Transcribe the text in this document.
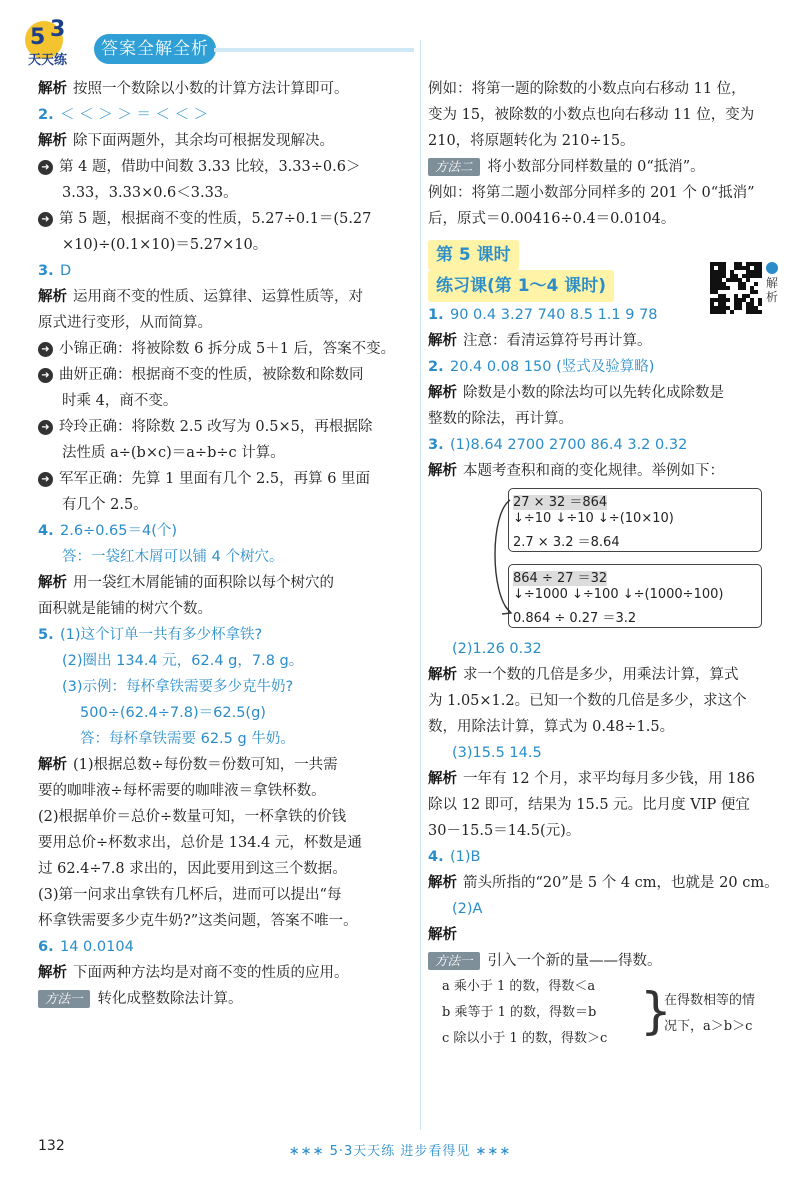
5 3
天天练
答案全解全析
解析 按照一个数除以小数的计算方法计算即可。
2. ＜ ＜ ＞ ＞ ＝ ＜ ＜ ＞
解析 除下面两题外，其余均可根据发现解决。
➜ 第 4 题，借助中间数 3.33 比较，3.33÷0.6＞
3.33，3.33×0.6＜3.33。
➜ 第 5 题，根据商不变的性质，5.27÷0.1＝(5.27
×10)÷(0.1×10)＝5.27×10。
3. D
解析 运用商不变的性质、运算律、运算性质等，对
原式进行变形，从而简算。
➜ 小锦正确：将被除数 6 拆分成 5＋1 后，答案不变。
➜ 曲妍正确：根据商不变的性质，被除数和除数同
时乘 4，商不变。
➜ 玲玲正确：将除数 2.5 改写为 0.5×5，再根据除
法性质 a÷(b×c)＝a÷b÷c 计算。
➜ 军军正确：先算 1 里面有几个 2.5，再算 6 里面
有几个 2.5。
4. 2.6÷0.65＝4(个)
答：一袋红木屑可以铺 4 个树穴。
解析 用一袋红木屑能铺的面积除以每个树穴的
面积就是能铺的树穴个数。
5. (1)这个订单一共有多少杯拿铁?
(2)圈出 134.4 元，62.4 g，7.8 g。
(3)示例：每杯拿铁需要多少克牛奶?
500÷(62.4÷7.8)＝62.5(g)
答：每杯拿铁需要 62.5 g 牛奶。
解析 (1)根据总数÷每份数＝份数可知，一共需
要的咖啡液÷每杯需要的咖啡液＝拿铁杯数。
(2)根据单价＝总价÷数量可知，一杯拿铁的价钱
要用总价÷杯数求出，总价是 134.4 元，杯数是通
过 62.4÷7.8 求出的，因此要用到这三个数据。
(3)第一问求出拿铁有几杯后，进而可以提出“每
杯拿铁需要多少克牛奶?”这类问题，答案不唯一。
6. 14 0.0104
解析 下面两种方法均是对商不变的性质的应用。
方法一 转化成整数除法计算。
例如：将第一题的除数的小数点向右移动 11 位，
变为 15，被除数的小数点也向右移动 11 位，变为
210，将原题转化为 210÷15。
方法二 将小数部分同样数量的 0“抵消”。
例如：将第二题小数部分同样多的 201 个 0“抵消”
后，原式＝0.00416÷0.4＝0.0104。
第 5 课时
练习课(第 1～4 课时)	解析
1. 90 0.4 3.27 740 8.5 1.1 9 78
解析 注意：看清运算符号再计算。
2. 20.4 0.08 150 (竖式及验算略)
解析 除数是小数的除法均可以先转化成除数是
整数的除法，再计算。
3. (1)8.64 2700 2700 86.4 3.2 0.32
解析 本题考查积和商的变化规律。举例如下：
27 × 32 ＝864
↓÷10 ↓÷10 ↓÷(10×10)
2.7 × 3.2 ＝8.64
864 ÷ 27 ＝32
↓÷1000 ↓÷100 ↓÷(1000÷100)
0.864 ÷ 0.27 ＝3.2
(2)1.26 0.32
解析 求一个数的几倍是多少，用乘法计算，算式
为 1.05×1.2。已知一个数的几倍是多少，求这个
数，用除法计算，算式为 0.48÷1.5。
(3)15.5 14.5
解析 一年有 12 个月，求平均每月多少钱，用 186
除以 12 即可，结果为 15.5 元。比月度 VIP 便宜
30－15.5＝14.5(元)。
4. (1)B
解析 箭头所指的“20”是 5 个 4 cm，也就是 20 cm。
(2)A
解析
方法一 引入一个新的量——得数。
a 乘小于 1 的数，得数＜a
b 乘等于 1 的数，得数＝b
c 除以小于 1 的数，得数＞c }
在得数相等的情
况下，a＞b＞c
132	∗∗∗ 5·3天天练 进步看得见 ∗∗∗
